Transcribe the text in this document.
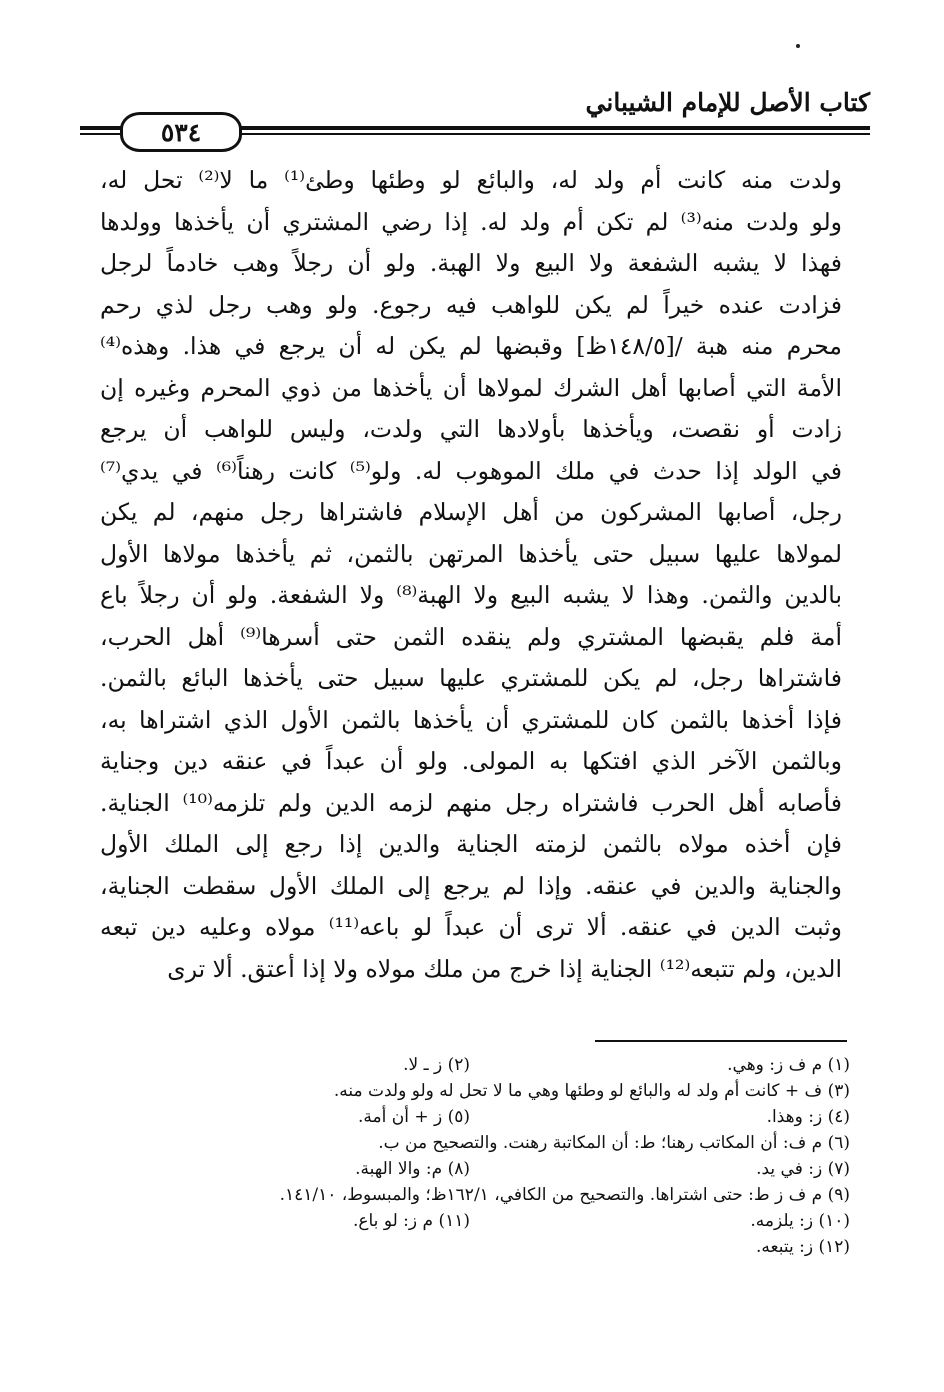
كتاب الأصل للإمام الشيباني
٥٣٤
ولدت منه كانت أم ولد له، والبائع لو وطئها وطئ⁽¹⁾ ما لا⁽²⁾ تحل له،
ولو ولدت منه⁽³⁾ لم تكن أم ولد له. إذا رضي المشتري أن يأخذها وولدها
فهذا لا يشبه الشفعة ولا البيع ولا الهبة. ولو أن رجلاً وهب خادماً لرجل
فزادت عنده خيراً لم يكن للواهب فيه رجوع. ولو وهب رجل لذي رحم
محرم منه هبة /[١٤٨/٥ظ] وقبضها لم يكن له أن يرجع في هذا. وهذه⁽⁴⁾
الأمة التي أصابها أهل الشرك لمولاها أن يأخذها من ذوي المحرم وغيره إن
زادت أو نقصت، ويأخذها بأولادها التي ولدت، وليس للواهب أن يرجع
في الولد إذا حدث في ملك الموهوب له. ولو⁽⁵⁾ كانت رهناً⁽⁶⁾ في يدي⁽⁷⁾
رجل، أصابها المشركون من أهل الإسلام فاشتراها رجل منهم، لم يكن
لمولاها عليها سبيل حتى يأخذها المرتهن بالثمن، ثم يأخذها مولاها الأول
بالدين والثمن. وهذا لا يشبه البيع ولا الهبة⁽⁸⁾ ولا الشفعة. ولو أن رجلاً باع
أمة فلم يقبضها المشتري ولم ينقده الثمن حتى أسرها⁽⁹⁾ أهل الحرب،
فاشتراها رجل، لم يكن للمشتري عليها سبيل حتى يأخذها البائع بالثمن.
فإذا أخذها بالثمن كان للمشتري أن يأخذها بالثمن الأول الذي اشتراها به،
وبالثمن الآخر الذي افتكها به المولى. ولو أن عبداً في عنقه دين وجناية
فأصابه أهل الحرب فاشتراه رجل منهم لزمه الدين ولم تلزمه⁽¹⁰⁾ الجناية.
فإن أخذه مولاه بالثمن لزمته الجناية والدين إذا رجع إلى الملك الأول
والجناية والدين في عنقه. وإذا لم يرجع إلى الملك الأول سقطت الجناية،
وثبت الدين في عنقه. ألا ترى أن عبداً لو باعه⁽¹¹⁾ مولاه وعليه دين تبعه
الدين، ولم تتبعه⁽¹²⁾ الجناية إذا خرج من ملك مولاه ولا إذا أعتق. ألا ترى
(١) م ف ز: وهي.
(٢) ز ـ لا.
(٣) ف + كانت أم ولد له والبائع لو وطئها وهي ما لا تحل له ولو ولدت منه.
(٤) ز: وهذا.
(٥) ز + أن أمة.
(٦) م ف: أن المكاتب رهنا؛ ط: أن المكاتبة رهنت. والتصحيح من ب.
(٧) ز: في يد.
(٨) م: والا الهبة.
(٩) م ف ز ط: حتى اشتراها. والتصحيح من الكافي، ١٦٢/١ظ؛ والمبسوط، ١٤١/١٠.
(١٠) ز: يلزمه.
(١١) م ز: لو باع.
(١٢) ز: يتبعه.
